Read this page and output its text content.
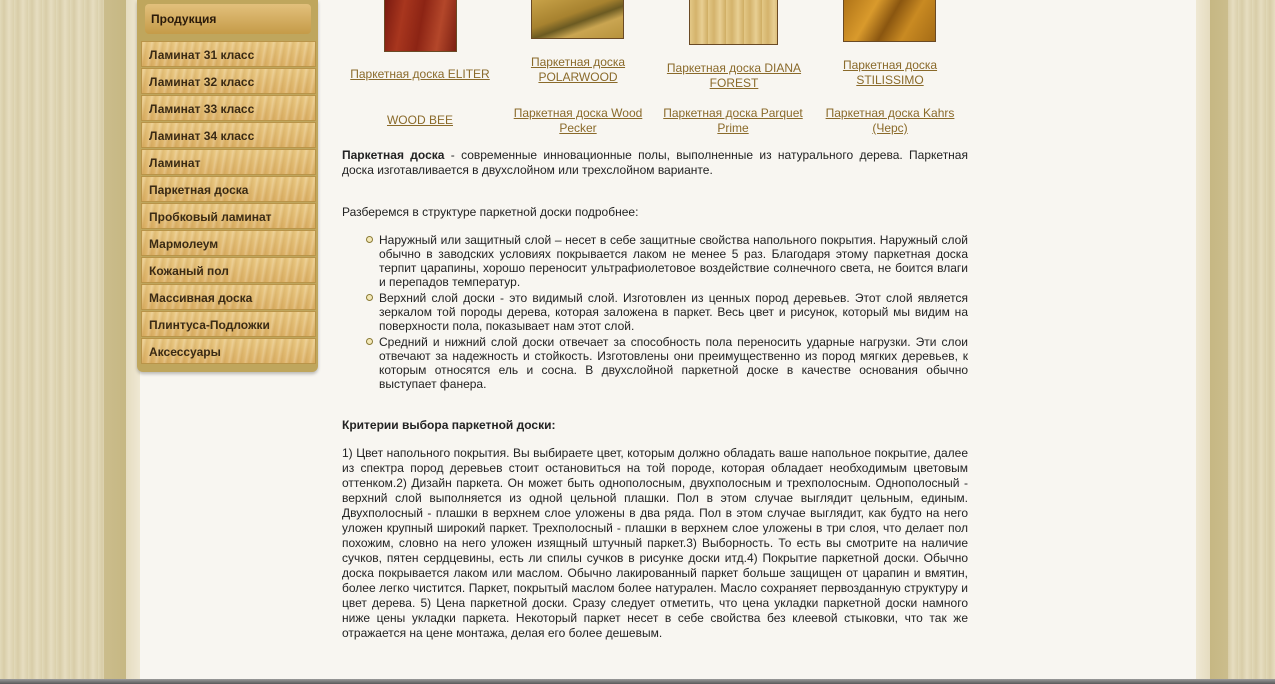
Продукция
Ламинат 31 класс
Ламинат 32 класс
Ламинат 33 класс
Ламинат 34 класс
Ламинат
Паркетная доска
Пробковый ламинат
Мармолеум
Кожаный пол
Массивная доска
Плинтуса-Подложки
Аксессуары
Паркетная доска ELITER
Паркетная доска POLARWOOD
Паркетная доска DIANA FOREST
Паркетная доска STILISSIMO
WOOD BEE	Паркетная доска Wood Pecker
Паркетная доска Parquet Prime
Паркетная доска Kahrs (Черс)

Паркетная доска - современные инновационные полы, выполненные из натурального дерева. Паркетная доска изготавливается в двухслойном или трехслойном варианте.

Разберемся в структуре паркетной доски подробнее:

Наружный или защитный слой – несет в себе защитные свойства напольного покрытия. Наружный слой обычно в заводских условиях покрывается лаком не менее 5 раз. Благодаря этому паркетная доска терпит царапины, хорошо переносит ультрафиолетовое воздействие солнечного света, не боится влаги и перепадов температур.
Верхний слой доски - это видимый слой. Изготовлен из ценных пород деревьев. Этот слой является зеркалом той породы дерева, которая заложена в паркет. Весь цвет и рисунок, который мы видим на поверхности пола, показывает нам этот слой.
Средний и нижний слой доски отвечает за способность пола переносить ударные нагрузки. Эти слои отвечают за надежность и стойкость. Изготовлены они преимущественно из пород мягких деревьев, к которым относятся ель и сосна. В двухслойной паркетной доске в качестве основания обычно выступает фанера.

Критерии выбора паркетной доски:

1) Цвет напольного покрытия. Вы выбираете цвет, которым должно обладать ваше напольное покрытие, далее из спектра пород деревьев стоит остановиться на той породе, которая обладает необходимым цветовым оттенком.2) Дизайн паркета. Он может быть однополосным, двухполосным и трехполосным. Однополосный - верхний слой выполняется из одной цельной плашки. Пол в этом случае выглядит цельным, единым. Двухполосный - плашки в верхнем слое уложены в два ряда. Пол в этом случае выглядит, как будто на него уложен крупный широкий паркет. Трехполосный - плашки в верхнем слое уложены в три слоя, что делает пол похожим, словно на него уложен изящный штучный паркет.3) Выборность. То есть вы смотрите на наличие сучков, пятен сердцевины, есть ли спилы сучков в рисунке доски итд.4) Покрытие паркетной доски. Обычно доска покрывается лаком или маслом. Обычно лакированный паркет больше защищен от царапин и вмятин, более легко чистится. Паркет, покрытый маслом более натурален. Масло сохраняет первозданную структуру и цвет дерева. 5) Цена паркетной доски. Сразу следует отметить, что цена укладки паркетной доски намного ниже цены укладки паркета. Некоторый паркет несет в себе свойства без клеевой стыковки, что так же отражается на цене монтажа, делая его более дешевым.
